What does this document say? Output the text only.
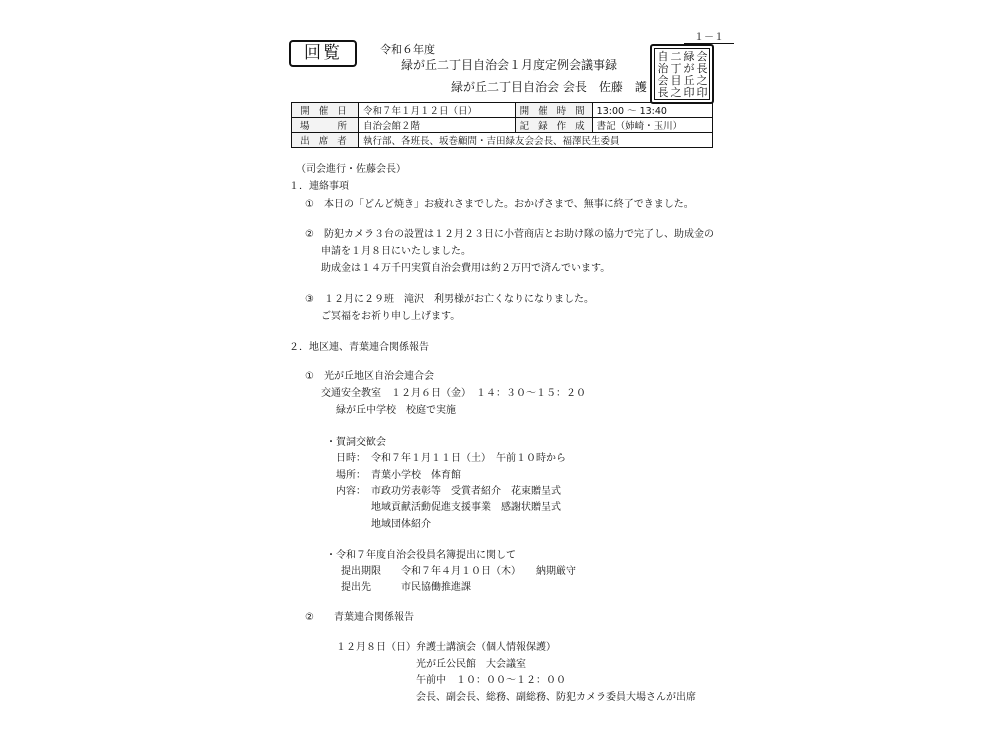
回覧	令和６年度
緑が丘二丁目自治会１月度定例会議事録
緑が丘二丁目自治会 会長　佐藤　護
１－１
自
治
会
長
二
丁
目
之
緑
が
丘
印
会
長
之
印
開 催 日	令和７年１月１２日（日）	開 催 時 間	13:00 〜 13:40
場　　所	自治会館２階	記 録 作 成	書記（姉崎・玉川）
出 席 者	執行部、各班長、坂巻顧問・吉田緑友会会長、福澤民生委員		
（司会進行・佐藤会長）
１．連絡事項
①　本日の「どんど焼き」お疲れさまでした。おかげさまで、無事に終了できました。
②　防犯カメラ３台の設置は１２月２３日に小菅商店とお助け隊の協力で完了し、助成金の
申請を１月８日にいたしました。
助成金は１４万千円実質自治会費用は約２万円で済んでいます。
③　１２月に２９班　滝沢　利男様がお亡くなりになりました。
ご冥福をお祈り申し上げます。
２．地区連、青葉連合関係報告
①　光が丘地区自治会連合会
交通安全教室　１２月６日（金）　１４：３０〜１５：２０
緑が丘中学校　校庭で実施
・賀詞交歓会
日時：　令和７年１月１１日（土）　午前１０時から
場所：　青葉小学校　体育館
内容：　市政功労表彰等　受賞者紹介　花束贈呈式
地域貢献活動促進支援事業　感謝状贈呈式
地域団体紹介
・令和７年度自治会役員名簿提出に関して
提出期限　　令和７年４月１０日（木）　　納期厳守
提出先　　　市民協働推進課
②　　青葉連合関係報告
１２月８日（日） 弁護士講演会（個人情報保護）
光が丘公民館　大会議室
午前中　１０：００〜１２：００
会長、副会長、総務、副総務、防犯カメラ委員大場さんが出席
